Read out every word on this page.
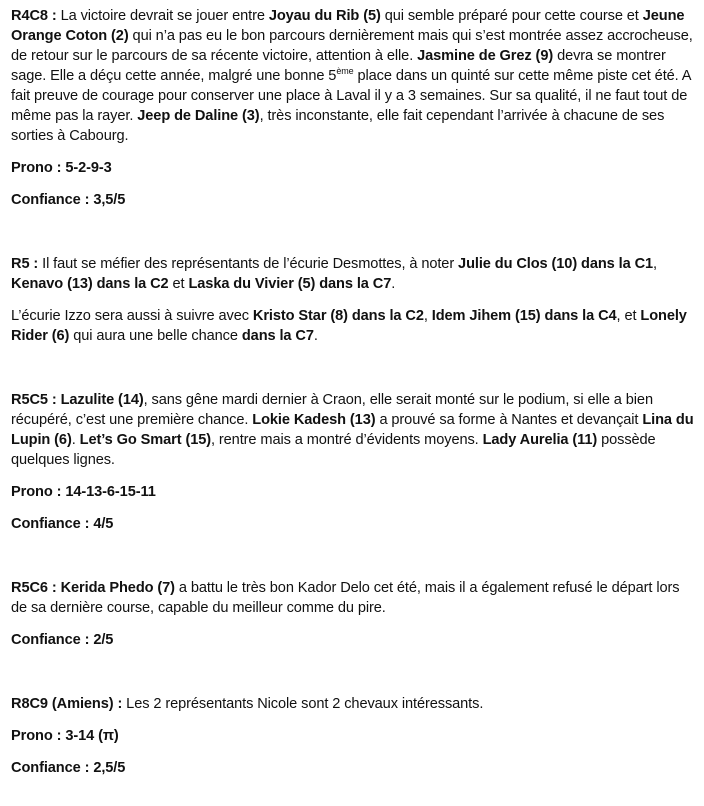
R4C8 : La victoire devrait se jouer entre Joyau du Rib (5) qui semble préparé pour cette course et Jeune Orange Coton (2) qui n’a pas eu le bon parcours dernièrement mais qui s’est montrée assez accrocheuse, de retour sur le parcours de sa récente victoire, attention à elle. Jasmine de Grez (9) devra se montrer sage. Elle a déçu cette année, malgré une bonne 5ème place dans un quinté sur cette même piste cet été. A fait preuve de courage pour conserver une place à Laval il y a 3 semaines. Sur sa qualité, il ne faut tout de même pas la rayer. Jeep de Daline (3), très inconstante, elle fait cependant l’arrivée à chacune de ses sorties à Cabourg.

Prono : 5-2-9-3

Confiance : 3,5/5

R5 : Il faut se méfier des représentants de l’écurie Desmottes, à noter Julie du Clos (10) dans la C1, Kenavo (13) dans la C2 et Laska du Vivier (5) dans la C7.

L’écurie Izzo sera aussi à suivre avec Kristo Star (8) dans la C2, Idem Jihem (15) dans la C4, et Lonely Rider (6) qui aura une belle chance dans la C7.

R5C5 : Lazulite (14), sans gêne mardi dernier à Craon, elle serait monté sur le podium, si elle a bien récupéré, c’est une première chance. Lokie Kadesh (13) a prouvé sa forme à Nantes et devançait Lina du Lupin (6). Let’s Go Smart (15), rentre mais a montré d’évidents moyens. Lady Aurelia (11) possède quelques lignes.

Prono : 14-13-6-15-11

Confiance : 4/5

R5C6 : Kerida Phedo (7) a battu le très bon Kador Delo cet été, mais il a également refusé le départ lors de sa dernière course, capable du meilleur comme du pire.

Confiance : 2/5

R8C9 (Amiens) : Les 2 représentants Nicole sont 2 chevaux intéressants.

Prono : 3-14 (π)

Confiance : 2,5/5
